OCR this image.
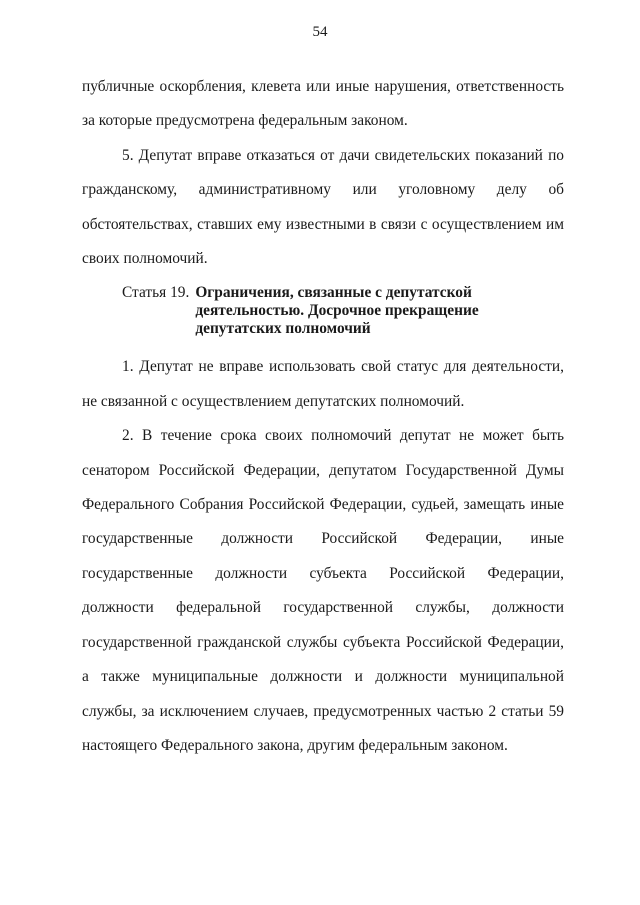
54

публичные оскорбления, клевета или иные нарушения, ответственность за которые предусмотрена федеральным законом.

5. Депутат вправе отказаться от дачи свидетельских показаний по гражданскому, административному или уголовному делу об обстоятельствах, ставших ему известными в связи с осуществлением им своих полномочий.

Статья 19. Ограничения, связанные с депутатской деятельностью. Досрочное прекращение депутатских полномочий

1. Депутат не вправе использовать свой статус для деятельности, не связанной с осуществлением депутатских полномочий.

2. В течение срока своих полномочий депутат не может быть сенатором Российской Федерации, депутатом Государственной Думы Федерального Собрания Российской Федерации, судьей, замещать иные государственные должности Российской Федерации, иные государственные должности субъекта Российской Федерации, должности федеральной государственной службы, должности государственной гражданской службы субъекта Российской Федерации, а также муниципальные должности и должности муниципальной службы, за исключением случаев, предусмотренных частью 2 статьи 59 настоящего Федерального закона, другим федеральным законом.
